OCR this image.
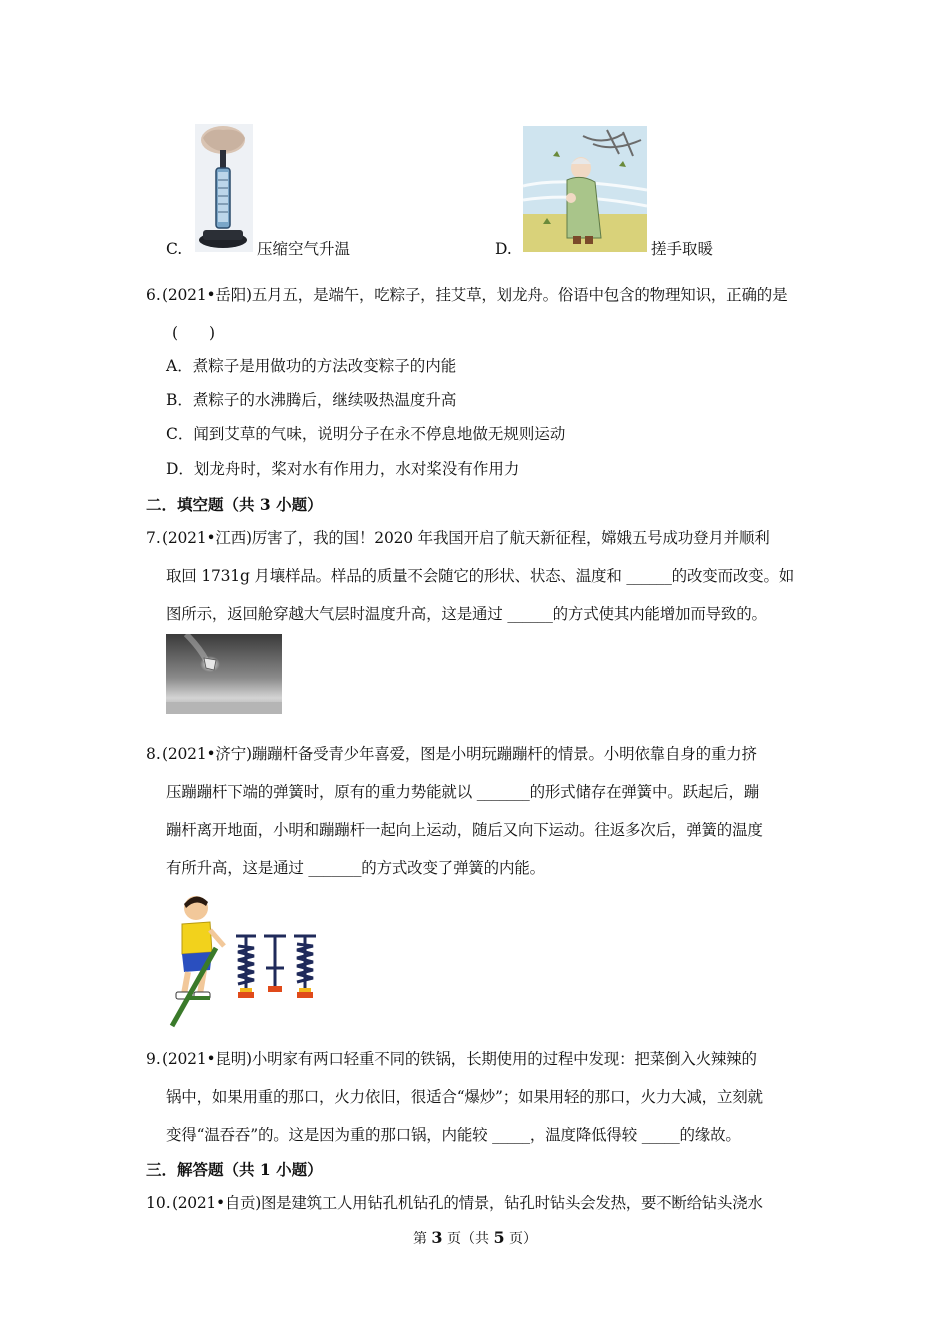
C.	压缩空气升温	D.	搓手取暖
6. (2021•岳阳)五月五，是端午，吃粽子，挂艾草，划龙舟。俗语中包含的物理知识，正确的是
(　　)
A．煮粽子是用做功的方法改变粽子的内能
B．煮粽子的水沸腾后，继续吸热温度升高
C．闻到艾草的气味，说明分子在永不停息地做无规则运动
D．划龙舟时，桨对水有作用力，水对桨没有作用力
二．填空题（共 3 小题）
7. (2021•江西)厉害了，我的国！2020 年我国开启了航天新征程，嫦娥五号成功登月并顺利
取回 1731g 月壤样品。样品的质量不会随它的形状、状态、温度和 ______的改变而改变。如
图所示，返回舱穿越大气层时温度升高，这是通过 ______的方式使其内能增加而导致的。
8. (2021•济宁)蹦蹦杆备受青少年喜爱，图是小明玩蹦蹦杆的情景。小明依靠自身的重力挤
压蹦蹦杆下端的弹簧时，原有的重力势能就以 _______的形式储存在弹簧中。跃起后，蹦
蹦杆离开地面，小明和蹦蹦杆一起向上运动，随后又向下运动。往返多次后，弹簧的温度
有所升高，这是通过 _______的方式改变了弹簧的内能。
9. (2021•昆明)小明家有两口轻重不同的铁锅，长期使用的过程中发现：把菜倒入火辣辣的
锅中，如果用重的那口，火力依旧，很适合“爆炒”；如果用轻的那口，火力大减，立刻就
变得“温吞吞”的。这是因为重的那口锅，内能较 _____，温度降低得较 _____的缘故。
三．解答题（共 1 小题）
10. (2021•自贡)图是建筑工人用钻孔机钻孔的情景，钻孔时钻头会发热，要不断给钻头浇水
第 3 页（共 5 页）
